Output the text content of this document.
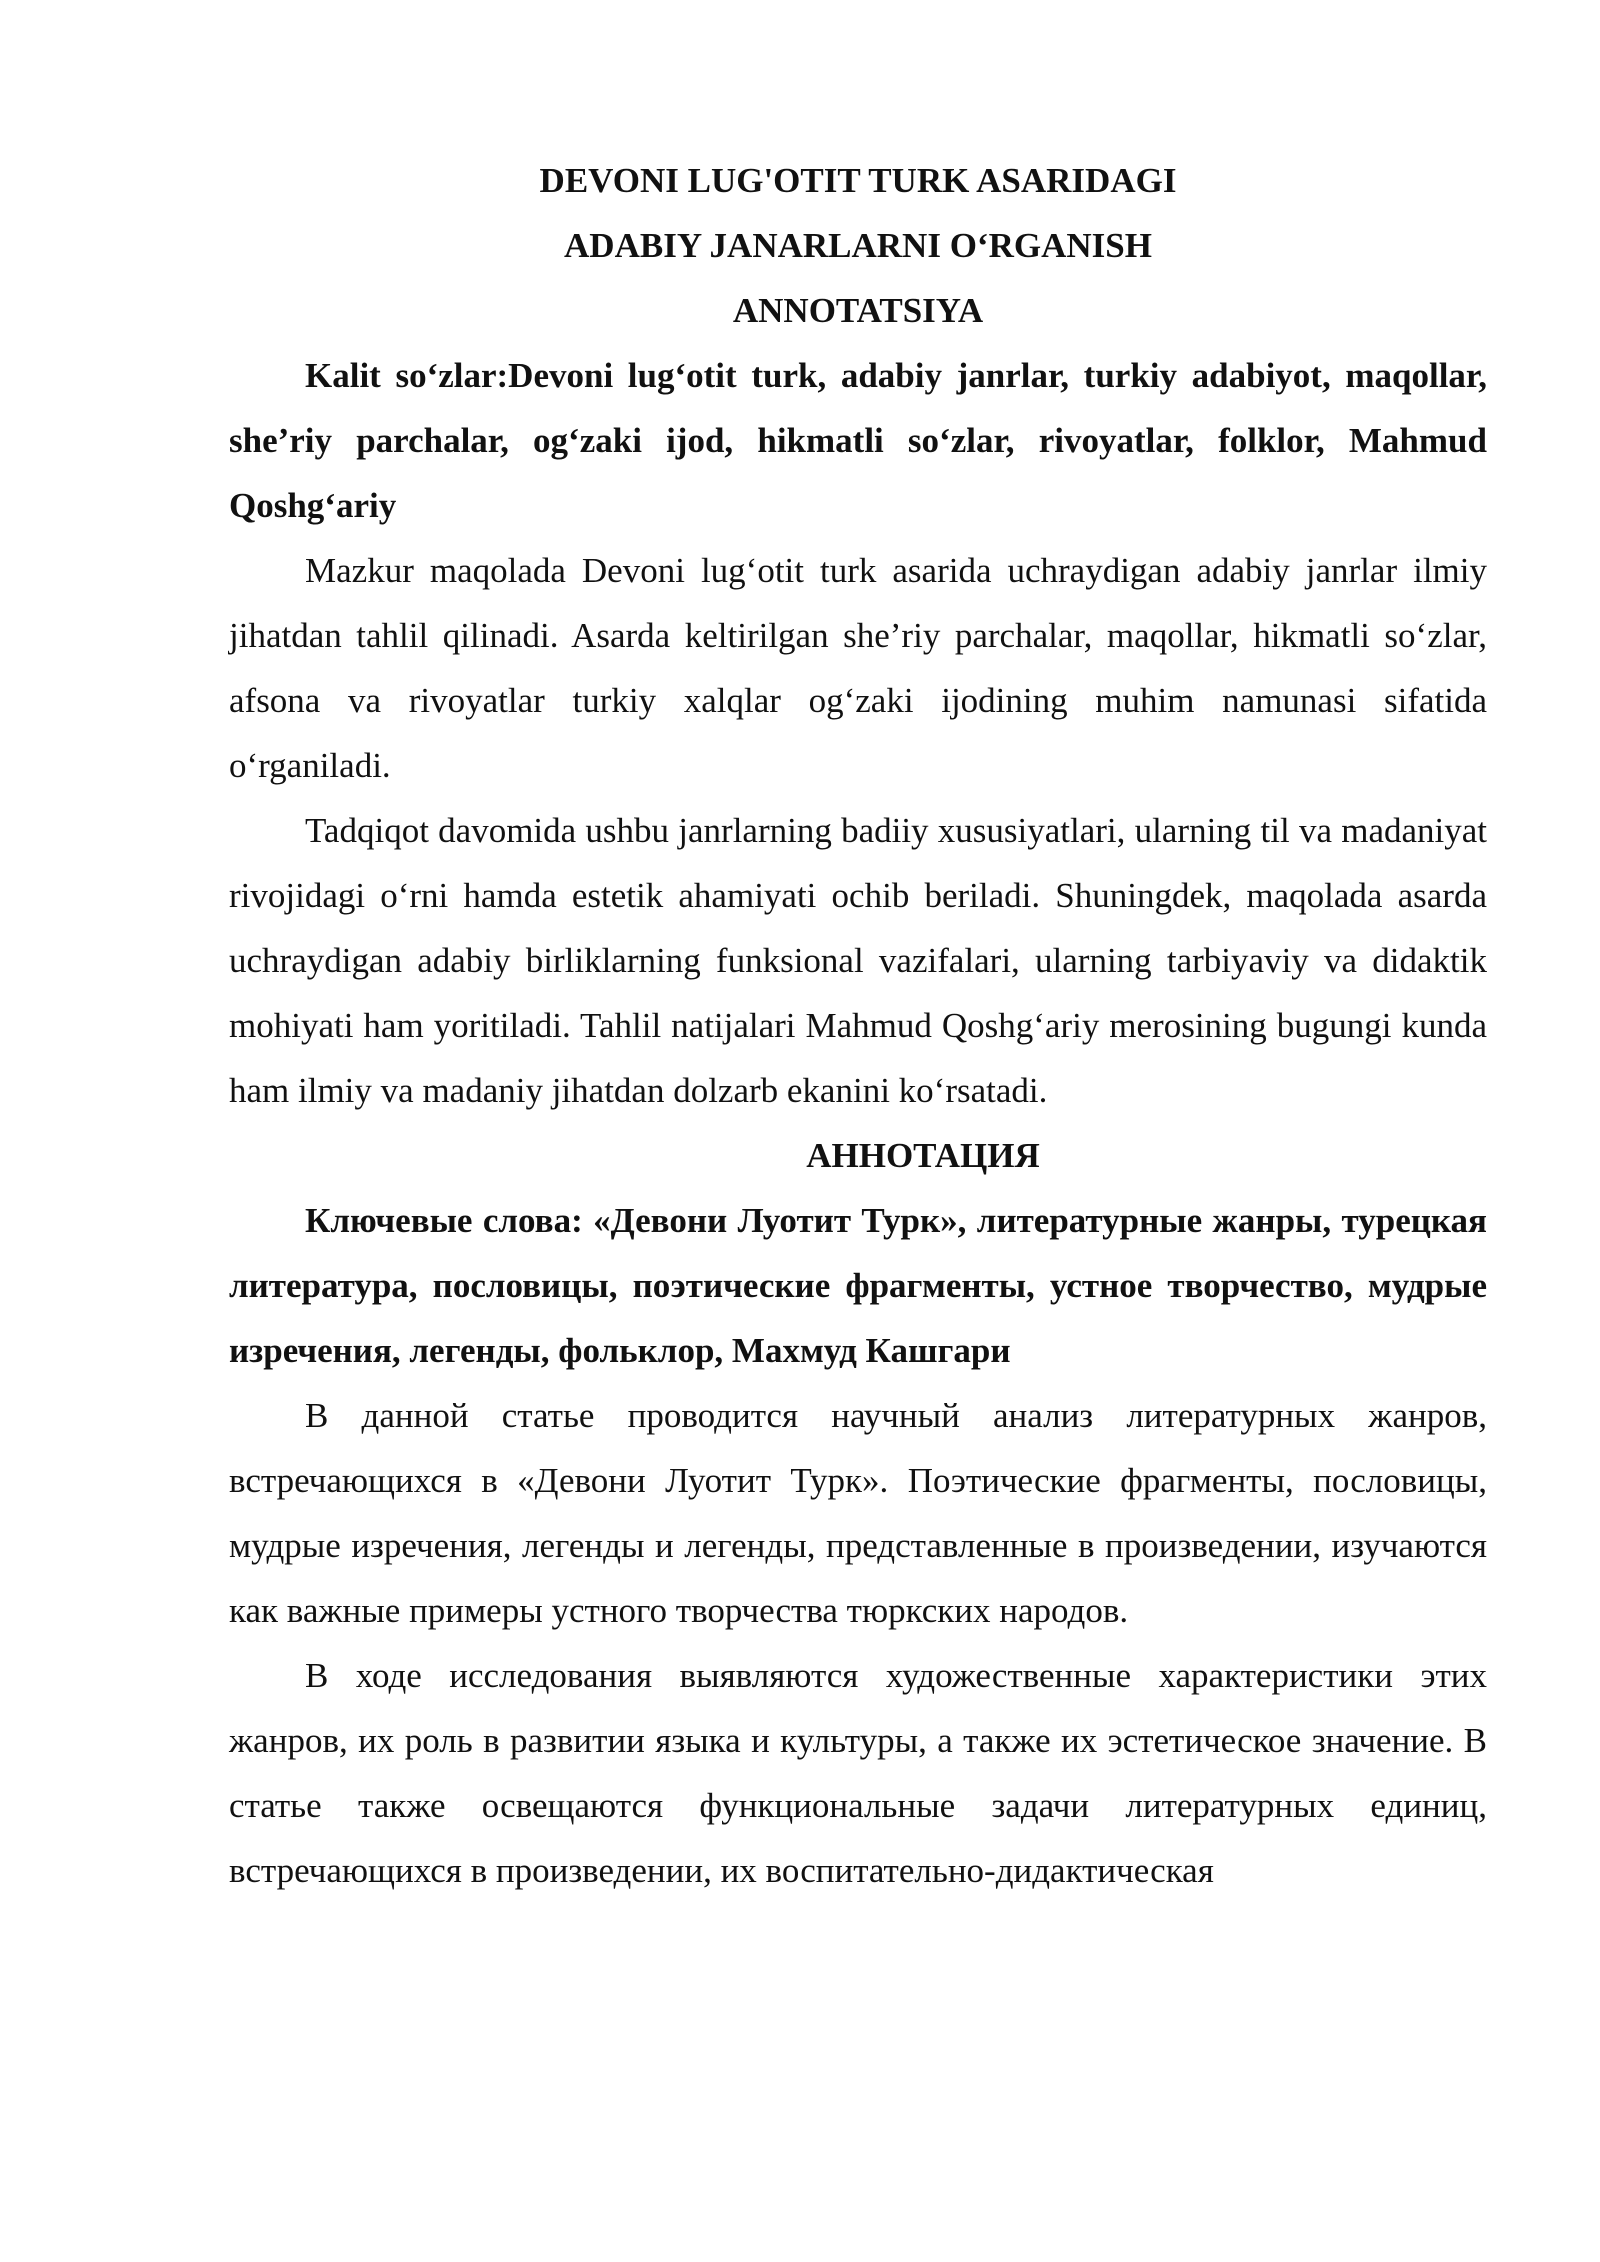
DEVONI LUG'OTIT TURK ASARIDAGI

ADABIY JANARLARNI O‘RGANISH

ANNOTATSIYA

Kalit so‘zlar:Devoni lug‘otit turk, adabiy janrlar, turkiy adabiyot, maqollar, she’riy parchalar, og‘zaki ijod, hikmatli so‘zlar, rivoyatlar, folklor, Mahmud Qoshg‘ariy

Mazkur maqolada Devoni lug‘otit turk asarida uchraydigan adabiy janrlar ilmiy jihatdan tahlil qilinadi. Asarda keltirilgan she’riy parchalar, maqollar, hikmatli so‘zlar, afsona va rivoyatlar turkiy xalqlar og‘zaki ijodining muhim namunasi sifatida o‘rganiladi.

Tadqiqot davomida ushbu janrlarning badiiy xususiyatlari, ularning til va madaniyat rivojidagi o‘rni hamda estetik ahamiyati ochib beriladi. Shuningdek, maqolada asarda uchraydigan adabiy birliklarning funksional vazifalari, ularning tarbiyaviy va didaktik mohiyati ham yoritiladi. Tahlil natijalari Mahmud Qoshg‘ariy merosining bugungi kunda ham ilmiy va madaniy jihatdan dolzarb ekanini ko‘rsatadi.

АННОТАЦИЯ

Ключевые слова: «Девони Луотит Турк», литературные жанры, турецкая литература, пословицы, поэтические фрагменты, устное творчество, мудрые изречения, легенды, фольклор, Махмуд Кашгари

В данной статье проводится научный анализ литературных жанров, встречающихся в «Девони Луотит Турк». Поэтические фрагменты, пословицы, мудрые изречения, легенды и легенды, представленные в произведении, изучаются как важные примеры устного творчества тюркских народов.

В ходе исследования выявляются художественные характеристики этих жанров, их роль в развитии языка и культуры, а также их эстетическое значение. В статье также освещаются функциональные задачи литературных единиц, встречающихся в произведении, их воспитательно-дидактическая
